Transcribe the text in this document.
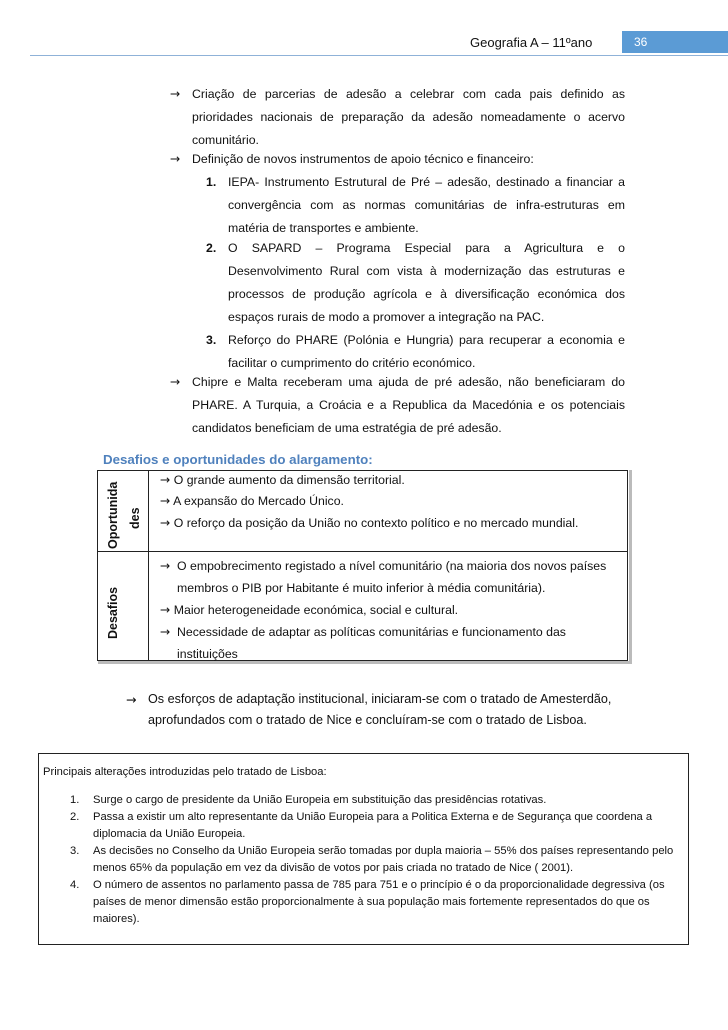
Geografia A – 11ºano	36
→ Criação de parcerias de adesão a celebrar com cada pais definido as prioridades nacionais de preparação da adesão nomeadamente o acervo comunitário.
→ Definição de novos instrumentos de apoio técnico e financeiro:
1. IEPA- Instrumento Estrutural de Pré – adesão, destinado a financiar a convergência com as normas comunitárias de infra-estruturas em matéria de transportes e ambiente.
2. O SAPARD – Programa Especial para a Agricultura e o Desenvolvimento Rural com vista à modernização das estruturas e processos de produção agrícola e à diversificação económica dos espaços rurais de modo a promover a integração na PAC.
3. Reforço do PHARE (Polónia e Hungria) para recuperar a economia e facilitar o cumprimento do critério económico.
→ Chipre e Malta receberam uma ajuda de pré adesão, não beneficiaram do PHARE. A Turquia, a Croácia e a Republica da Macedónia e os potenciais candidatos beneficiam de uma estratégia de pré adesão.
Desafios e oportunidades do alargamento:
Oportunida des
→ O grande aumento da dimensão territorial.
→ A expansão do Mercado Único.
→ O reforço da posição da União no contexto político e no mercado mundial.
Desafios
→ O empobrecimento registado a nível comunitário (na maioria dos novos países membros o PIB por Habitante é muito inferior à média comunitária).
→ Maior heterogeneidade económica, social e cultural.
→ Necessidade de adaptar as políticas comunitárias e funcionamento das instituições
→ Os esforços de adaptação institucional, iniciaram-se com o tratado de Amesterdão, aprofundados com o tratado de Nice e concluíram-se com o tratado de Lisboa.
Principais alterações introduzidas pelo tratado de Lisboa:
1.	Surge o cargo de presidente da União Europeia em substituição das presidências rotativas.
2.	Passa a existir um alto representante da União Europeia para a Politica Externa e de Segurança que coordena a diplomacia da União Europeia.
3.	As decisões no Conselho da União Europeia serão tomadas por dupla maioria – 55% dos países representando pelo menos 65% da população em vez da divisão de votos por pais criada no tratado de Nice ( 2001).
4.	O número de assentos no parlamento passa de 785 para 751 e o princípio é o da proporcionalidade degressiva (os países de menor dimensão estão proporcionalmente à sua população mais fortemente representados do que os maiores).
